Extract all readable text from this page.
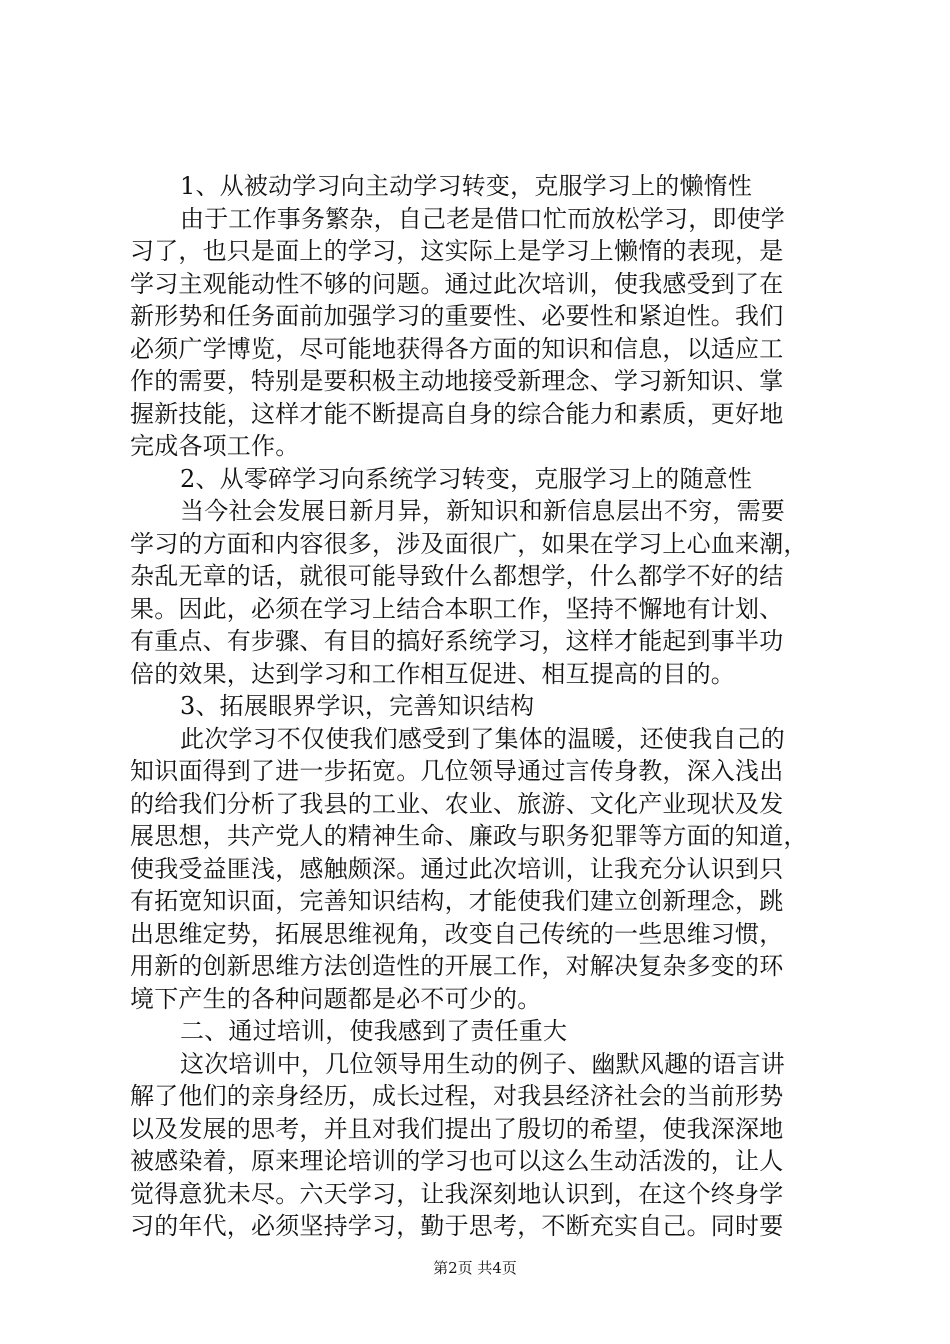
1、从被动学习向主动学习转变，克服学习上的懒惰性
由于工作事务繁杂，自己老是借口忙而放松学习，即使学
习了，也只是面上的学习，这实际上是学习上懒惰的表现，是
学习主观能动性不够的问题。通过此次培训，使我感受到了在
新形势和任务面前加强学习的重要性、必要性和紧迫性。我们
必须广学博览，尽可能地获得各方面的知识和信息，以适应工
作的需要，特别是要积极主动地接受新理念、学习新知识、掌
握新技能，这样才能不断提高自身的综合能力和素质，更好地
完成各项工作。
2、从零碎学习向系统学习转变，克服学习上的随意性
当今社会发展日新月异，新知识和新信息层出不穷，需要
学习的方面和内容很多，涉及面很广，如果在学习上心血来潮，
杂乱无章的话，就很可能导致什么都想学，什么都学不好的结
果。因此，必须在学习上结合本职工作，坚持不懈地有计划、
有重点、有步骤、有目的搞好系统学习，这样才能起到事半功
倍的效果，达到学习和工作相互促进、相互提高的目的。
3、拓展眼界学识，完善知识结构
此次学习不仅使我们感受到了集体的温暖，还使我自己的
知识面得到了进一步拓宽。几位领导通过言传身教，深入浅出
的给我们分析了我县的工业、农业、旅游、文化产业现状及发
展思想，共产党人的精神生命、廉政与职务犯罪等方面的知道，
使我受益匪浅，感触颇深。通过此次培训，让我充分认识到只
有拓宽知识面，完善知识结构，才能使我们建立创新理念，跳
出思维定势，拓展思维视角，改变自己传统的一些思维习惯，
用新的创新思维方法创造性的开展工作，对解决复杂多变的环
境下产生的各种问题都是必不可少的。
二、通过培训，使我感到了责任重大
这次培训中，几位领导用生动的例子、幽默风趣的语言讲
解了他们的亲身经历，成长过程，对我县经济社会的当前形势
以及发展的思考，并且对我们提出了殷切的希望，使我深深地
被感染着，原来理论培训的学习也可以这么生动活泼的，让人
觉得意犹未尽。六天学习，让我深刻地认识到，在这个终身学
习的年代，必须坚持学习，勤于思考，不断充实自己。同时要
第2页 共4页
